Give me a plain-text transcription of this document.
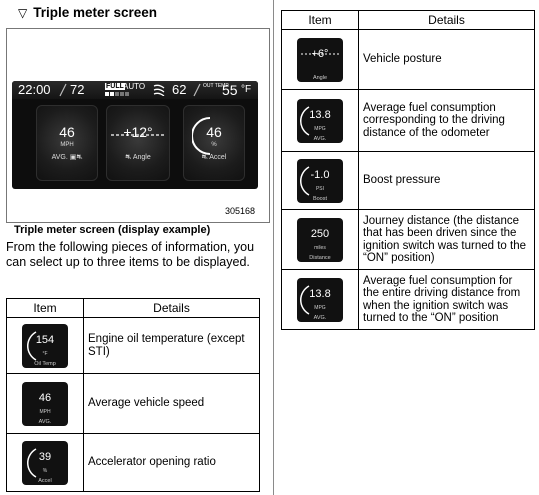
▽ Triple meter screen
22:00 72	FULL AUTO 62	OUT TEMP
55 °F
46
MPH
AVG. ▣⛐
+12°
⛐ Angle
46
%
⛐ Accel
305168
Triple meter screen (display example)
From the following pieces of information, you can select up to three items to be displayed.
Item	Details

154
°F
Oil Temp	Engine oil temperature (except STI)

46
MPH
AVG.	Average vehicle speed

39
%
Accel	Accelerator opening ratio
Item	Details

+6°
Angle	Vehicle posture

13.8
MPG
AVG.	Average fuel consumption corresponding to the driving distance of the odometer

-1.0
PSI
Boost	Boost pressure

250
miles
Distance	Journey distance (the distance that has been driven since the ignition switch was turned to the “ON” position)

13.8
MPG
AVG.	Average fuel consumption for the entire driving distance from when the ignition switch was turned to the “ON” position
